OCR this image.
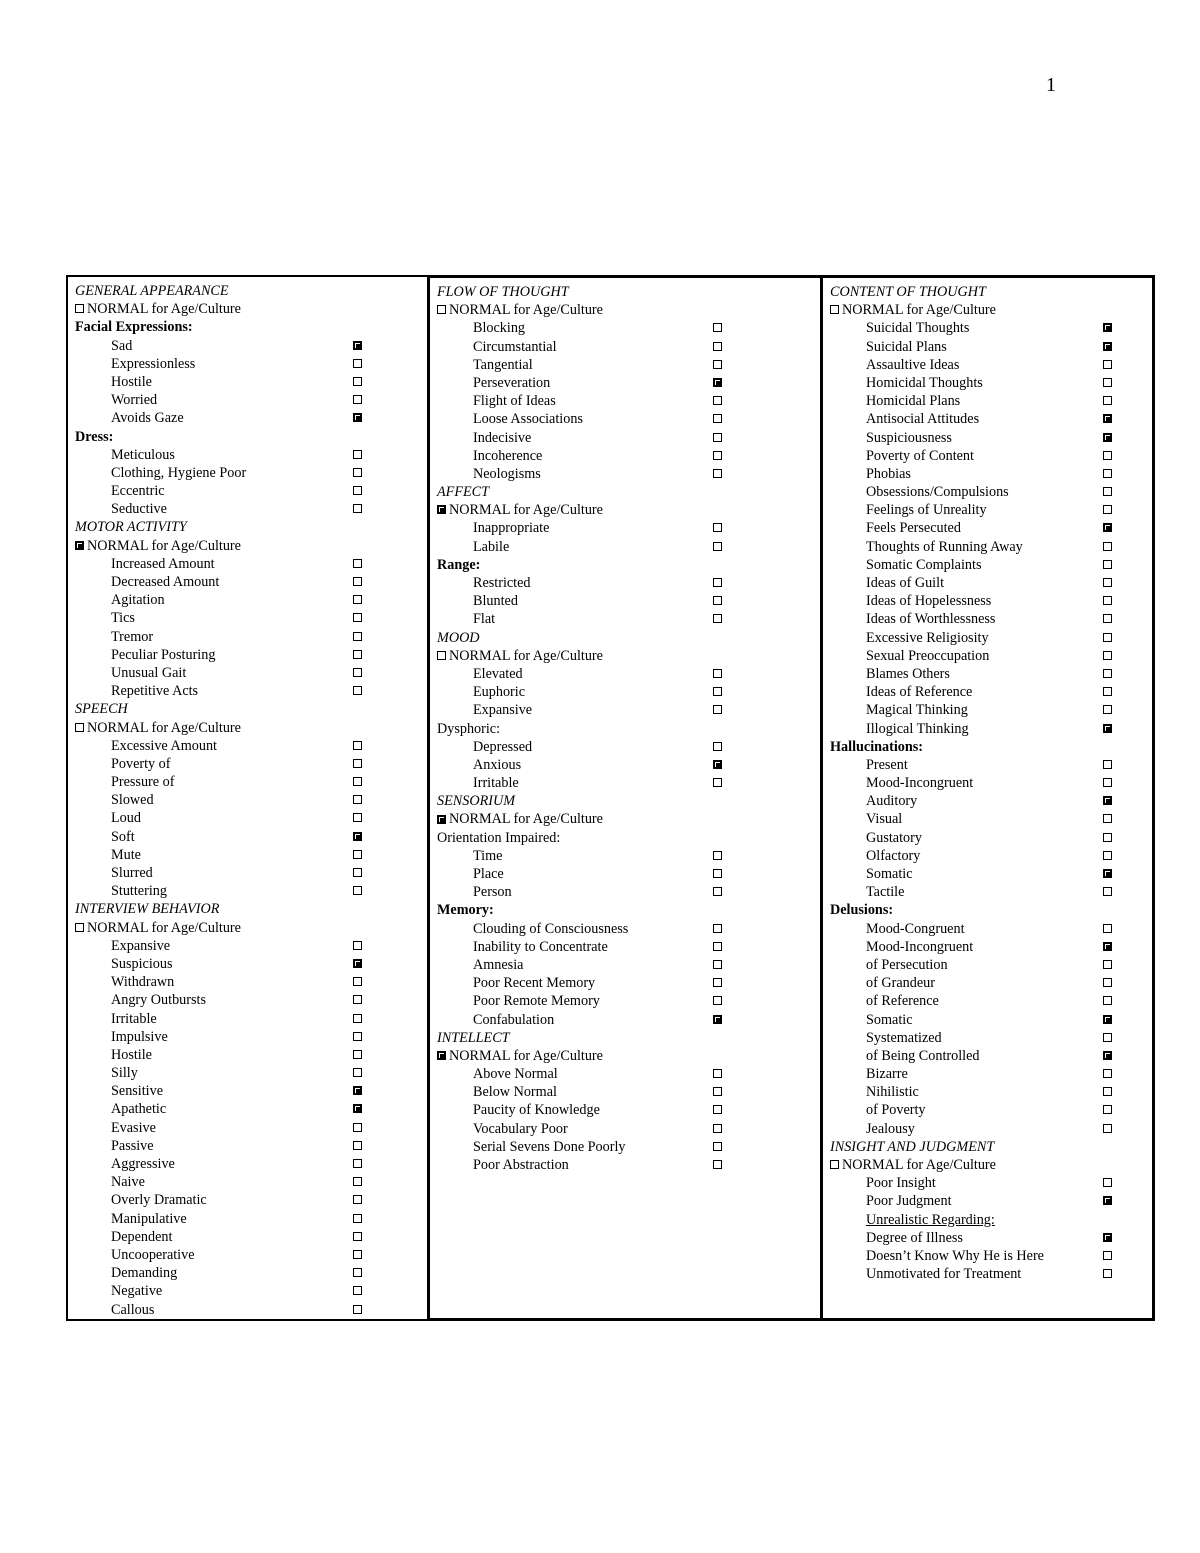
1
GENERAL APPEARANCE
NORMAL for Age/Culture
Facial Expressions:
Sad
Expressionless
Hostile
Worried
Avoids Gaze
Dress:
Meticulous
Clothing, Hygiene Poor
Eccentric
Seductive
MOTOR ACTIVITY
NORMAL for Age/Culture
Increased Amount
Decreased Amount
Agitation
Tics
Tremor
Peculiar Posturing
Unusual Gait
Repetitive Acts
SPEECH
NORMAL for Age/Culture
Excessive Amount
Poverty of
Pressure of
Slowed
Loud
Soft
Mute
Slurred
Stuttering
INTERVIEW BEHAVIOR
NORMAL for Age/Culture
Expansive
Suspicious
Withdrawn
Angry Outbursts
Irritable
Impulsive
Hostile
Silly
Sensitive
Apathetic
Evasive
Passive
Aggressive
Naive
Overly Dramatic
Manipulative
Dependent
Uncooperative
Demanding
Negative
Callous
FLOW OF THOUGHT
NORMAL for Age/Culture
Blocking
Circumstantial
Tangential
Perseveration
Flight of Ideas
Loose Associations
Indecisive
Incoherence
Neologisms
AFFECT
NORMAL for Age/Culture
Inappropriate
Labile
Range:
Restricted
Blunted
Flat
MOOD
NORMAL for Age/Culture
Elevated
Euphoric
Expansive
Dysphoric:
Depressed
Anxious
Irritable
SENSORIUM
NORMAL for Age/Culture
Orientation Impaired:
Time
Place
Person
Memory:
Clouding of Consciousness
Inability to Concentrate
Amnesia
Poor Recent Memory
Poor Remote Memory
Confabulation
INTELLECT
NORMAL for Age/Culture
Above Normal
Below Normal
Paucity of Knowledge
Vocabulary Poor
Serial Sevens Done Poorly
Poor Abstraction
CONTENT OF THOUGHT
NORMAL for Age/Culture
Suicidal Thoughts
Suicidal Plans
Assaultive Ideas
Homicidal Thoughts
Homicidal Plans
Antisocial Attitudes
Suspiciousness
Poverty of Content
Phobias
Obsessions/Compulsions
Feelings of Unreality
Feels Persecuted
Thoughts of Running Away
Somatic Complaints
Ideas of Guilt
Ideas of Hopelessness
Ideas of Worthlessness
Excessive Religiosity
Sexual Preoccupation
Blames Others
Ideas of Reference
Magical Thinking
Illogical Thinking
Hallucinations:
Present
Mood-Incongruent
Auditory
Visual
Gustatory
Olfactory
Somatic
Tactile
Delusions:
Mood-Congruent
Mood-Incongruent
of Persecution
of Grandeur
of Reference
Somatic
Systematized
of Being Controlled
Bizarre
Nihilistic
of Poverty
Jealousy
INSIGHT AND JUDGMENT
NORMAL for Age/Culture
Poor Insight
Poor Judgment
Unrealistic Regarding:
Degree of Illness
Doesn’t Know Why He is Here
Unmotivated for Treatment
